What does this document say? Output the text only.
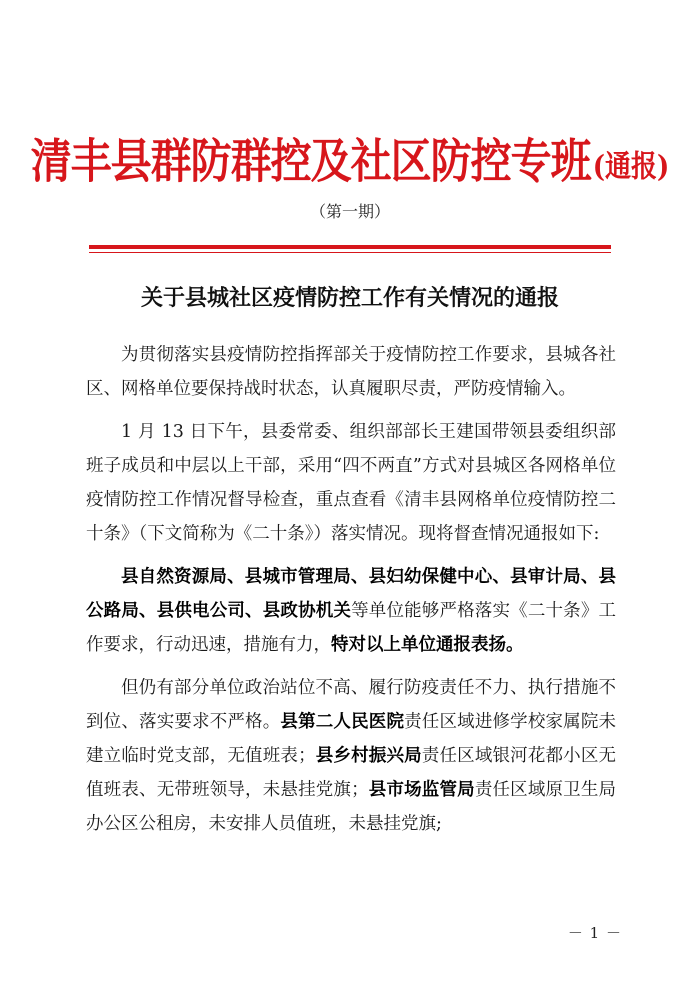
清丰县群防群控及社区防控专班(通报)
（第一期）
关于县城社区疫情防控工作有关情况的通报

为贯彻落实县疫情防控指挥部关于疫情防控工作要求，县城各社区、网格单位要保持战时状态，认真履职尽责，严防疫情输入。

1 月 13 日下午，县委常委、组织部部长王建国带领县委组织部班子成员和中层以上干部，采用“四不两直”方式对县城区各网格单位疫情防控工作情况督导检查，重点查看《清丰县网格单位疫情防控二十条》（下文简称为《二十条》）落实情况。现将督查情况通报如下:

县自然资源局、县城市管理局、县妇幼保健中心、县审计局、县公路局、县供电公司、县政协机关等单位能够严格落实《二十条》工作要求，行动迅速，措施有力，特对以上单位通报表扬。

但仍有部分单位政治站位不高、履行防疫责任不力、执行措施不到位、落实要求不严格。县第二人民医院责任区域进修学校家属院未建立临时党支部，无值班表；县乡村振兴局责任区域银河花都小区无值班表、无带班领导，未悬挂党旗；县市场监管局责任区域原卫生局办公区公租房，未安排人员值班，未悬挂党旗;

－ 1 －
